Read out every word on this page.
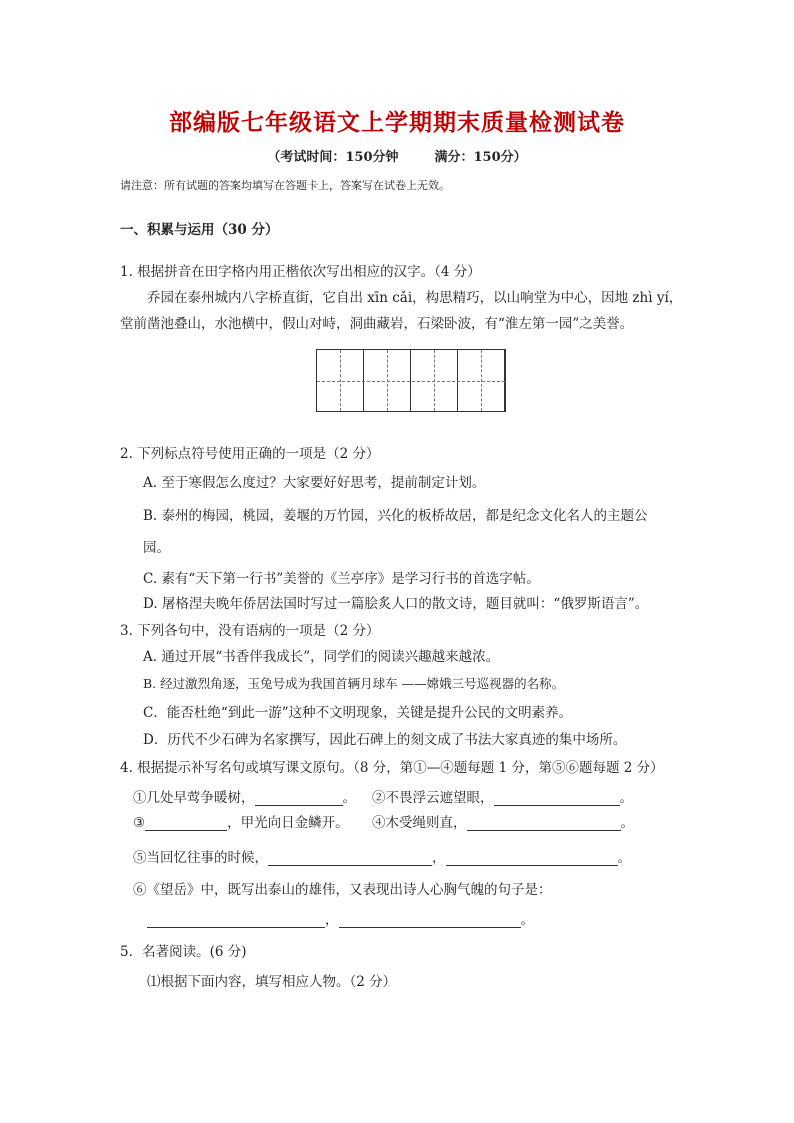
部编版七年级语文上学期期末质量检测试卷
（考试时间：150分钟	满分：150分）
请注意：所有试题的答案均填写在答题卡上，答案写在试卷上无效。
一、积累与运用（30 分）
1. 根据拼音在田字格内用正楷依次写出相应的汉字。（4 分）
乔园在泰州城内八字桥直街，它自出 xīn cǎi，构思精巧，以山响堂为中心，因地 zhì yí，
堂前凿池叠山，水池横中，假山对峙，洞曲藏岩，石梁卧波，有“淮左第一园”之美誉。
2. 下列标点符号使用正确的一项是（2 分）
A. 至于寒假怎么度过？大家要好好思考，提前制定计划。
B. 泰州的梅园，桃园，姜堰的万竹园，兴化的板桥故居，都是纪念文化名人的主题公
园。
C. 素有“天下第一行书”美誉的《兰亭序》是学习行书的首选字帖。
D. 屠格涅夫晚年侨居法国时写过一篇脍炙人口的散文诗，题目就叫：“俄罗斯语言”。
3. 下列各句中，没有语病的一项是（2 分）
A. 通过开展“书香伴我成长”，同学们的阅读兴趣越来越浓。
B. 经过激烈角逐，玉兔号成为我国首辆月球车 ——嫦娥三号巡视器的名称。
C．能否杜绝“到此一游”这种不文明现象，关键是提升公民的文明素养。
D．历代不少石碑为名家撰写，因此石碑上的刻文成了书法大家真迹的集中场所。
4. 根据提示补写名句或填写课文原句。（8 分，第①—④题每题 1 分，第⑤⑥题每题 2 分）
①几处早莺争暖树，	。 ②不畏浮云遮望眼，	。
③	，甲光向日金鳞开。 ④木受绳则直，	。
⑤当回忆往事的时候，	，	。
⑥《望岳》中，既写出泰山的雄伟，又表现出诗人心胸气魄的句子是：
，	。
5．名著阅读。(6 分)
⑴根据下面内容，填写相应人物。（2 分）
